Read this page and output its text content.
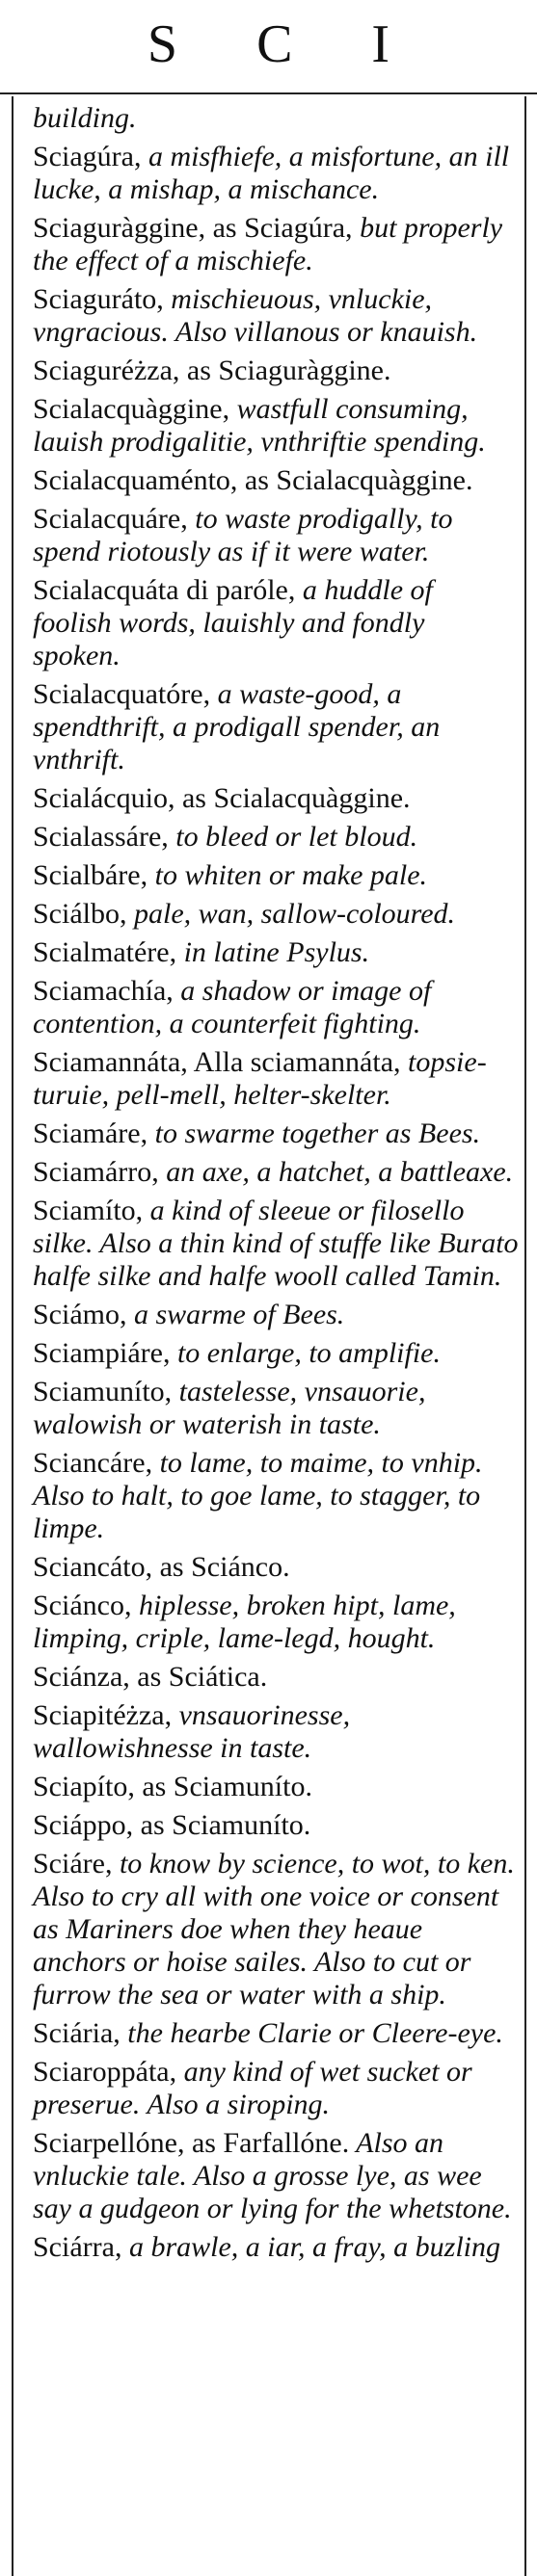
S C I
building.
Sciagúra, a misfhiefe, a misfortune, an ill lucke, a mishap, a mischance.
Sciaguràggine, as Sciagúra, but properly the effect of a mischiefe.
Sciaguráto, mischieuous, vnluckie, vngracious. Also villanous or knauish.
Sciaguréżza, as Sciaguràggine.
Scialacquàggine, wastfull consuming, lauish prodigalitie, vnthriftie spending.
Scialacquaménto, as Scialacquàggine.
Scialacquáre, to waste prodigally, to spend riotously as if it were water.
Scialacquáta di paróle, a huddle of foolish words, lauishly and fondly spoken.
Scialacquatóre, a waste-good, a spendthrift, a prodigall spender, an vnthrift.
Scialácquio, as Scialacquàggine.
Scialassáre, to bleed or let bloud.
Scialbáre, to whiten or make pale.
Sciálbo, pale, wan, sallow-coloured.
Scialmatére, in latine Psylus.
Sciamachía, a shadow or image of contention, a counterfeit fighting.
Sciamannáta, Alla sciamannáta, topsie-turuie, pell-mell, helter-skelter.
Sciamáre, to swarme together as Bees.
Sciamárro, an axe, a hatchet, a battleaxe.
Sciamíto, a kind of sleeue or filosello silke. Also a thin kind of stuffe like Burato halfe silke and halfe wooll called Tamin.
Sciámo, a swarme of Bees.
Sciampiáre, to enlarge, to amplifie.
Sciamuníto, tastelesse, vnsauorie, walowish or waterish in taste.
Sciancáre, to lame, to maime, to vnhip. Also to halt, to goe lame, to stagger, to limpe.
Sciancáto, as Sciánco.
Sciánco, hiplesse, broken hipt, lame, limping, criple, lame-legd, hought.
Sciánza, as Sciática.
Sciapitéżza, vnsauorinesse, wallowishnesse in taste.
Sciapíto, as Sciamuníto.
Sciáppo, as Sciamuníto.
Sciáre, to know by science, to wot, to ken. Also to cry all with one voice or consent as Mariners doe when they heaue anchors or hoise sailes. Also to cut or furrow the sea or water with a ship.
Sciária, the hearbe Clarie or Cleere-eye.
Sciaroppáta, any kind of wet sucket or preserue. Also a siroping.
Sciarpellóne, as Farfallóne. Also an vnluckie tale. Also a grosse lye, as wee say a gudgeon or lying for the whetstone.
Sciárra, a brawle, a iar, a fray, a buzling
